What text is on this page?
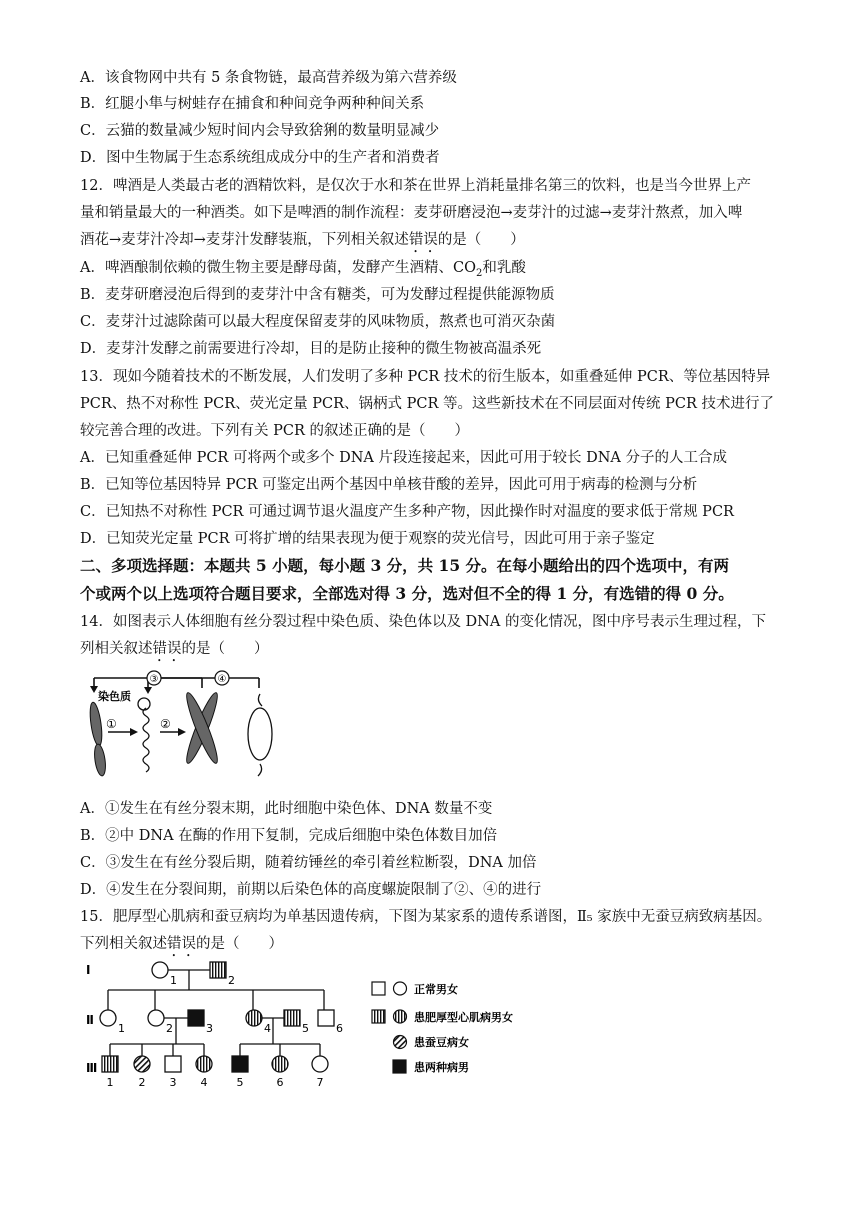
A．该食物网中共有 5 条食物链，最高营养级为第六营养级
B．红腿小隼与树蛙存在捕食和种间竞争两种种间关系
C．云猫的数量减少短时间内会导致猞猁的数量明显减少
D．图中生物属于生态系统组成成分中的生产者和消费者
12．啤酒是人类最古老的酒精饮料，是仅次于水和茶在世界上消耗量排名第三的饮料，也是当今世界上产
量和销量最大的一种酒类。如下是啤酒的制作流程：麦芽研磨浸泡→麦芽汁的过滤→麦芽汁熬煮，加入啤
酒花→麦芽汁冷却→麦芽汁发酵装瓶，下列相关叙述错误的是（　　）
A．啤酒酿制依赖的微生物主要是酵母菌，发酵产生酒精、$CO_2$和乳酸
B．麦芽研磨浸泡后得到的麦芽汁中含有糖类，可为发酵过程提供能源物质
C．麦芽汁过滤除菌可以最大程度保留麦芽的风味物质，熬煮也可消灭杂菌
D．麦芽汁发酵之前需要进行冷却，目的是防止接种的微生物被高温杀死
13．现如今随着技术的不断发展，人们发明了多种 PCR 技术的衍生版本，如重叠延伸 PCR、等位基因特异
PCR、热不对称性 PCR、荧光定量 PCR、锅柄式 PCR 等。这些新技术在不同层面对传统 PCR 技术进行了
较完善合理的改进。下列有关 PCR 的叙述正确的是（　　）
A．已知重叠延伸 PCR 可将两个或多个 DNA 片段连接起来，因此可用于较长 DNA 分子的人工合成
B．已知等位基因特异 PCR 可鉴定出两个基因中单核苷酸的差异，因此可用于病毒的检测与分析
C．已知热不对称性 PCR 可通过调节退火温度产生多种产物，因此操作时对温度的要求低于常规 PCR
D．已知荧光定量 PCR 可将扩增的结果表现为便于观察的荧光信号，因此可用于亲子鉴定
二、多项选择题：本题共 5 小题，每小题 3 分，共 15 分。在每小题给出的四个选项中，有两
个或两个以上选项符合题目要求，全部选对得 3 分，选对但不全的得 1 分，有选错的得 0 分。
14．如图表示人体细胞有丝分裂过程中染色质、染色体以及 DNA 的变化情况，图中序号表示生理过程，下
列相关叙述错误的是（　　）
③	④
染色质
①	②
A．①发生在有丝分裂末期，此时细胞中染色体、DNA 数量不变
B．②中 DNA 在酶的作用下复制，完成后细胞中染色体数目加倍
C．③发生在有丝分裂后期，随着纺锤丝的牵引着丝粒断裂，DNA 加倍
D．④发生在分裂间期，前期以后染色体的高度螺旋限制了②、④的进行
15．肥厚型心肌病和蚕豆病均为单基因遗传病，下图为某家系的遗传系谱图，Ⅱ₅ 家族中无蚕豆病致病基因。
下列相关叙述错误的是（　　）
Ⅰ
Ⅱ
Ⅲ
1	2
1	2	3	4	5 6
1 2 3 4	5	6	7
正常男女
患肥厚型心肌病男女
患蚕豆病女
患两种病男
